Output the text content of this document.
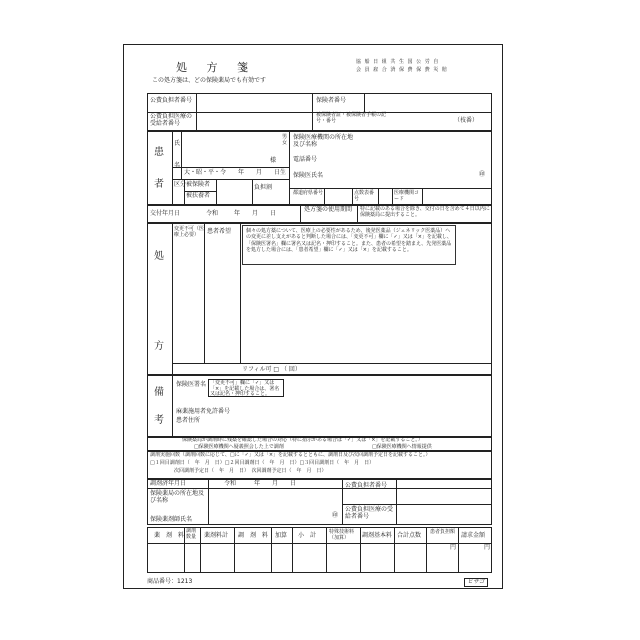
処 方 箋
この処方箋は、どの保険薬局でも有効です
協 船 日 組 共 生 国 公 労 自
会 員 雇 合 済 保 費 保 費 災 賠
公費負担者番号
公費負担医療の受給者番号
保険者番号
被保険者証・被保険者手帳の記号・番号	（枝番）
患
者
氏
名
男・女
様
大・昭・平・令 年 月 日生
区分 被保険者
被扶養者
負担割
保険医療機関の所在地及び名称
電話番号
保険医氏名	㊞
都道府県番号	点数表番号
医療機関コード
交付年月日	令和	年　　月　　日
処方箋の使用期間	特に記載のある場合を除き、交付の日を含めて４日以内に保険薬局に提出すること。
処
方
変更不可（医療上必要）	患者希望	個々の処方薬について、医療上の必要性があるため、後発医薬品（ジェネリック医薬品）への変更に差し支えがあると判断した場合には、「変更不可」欄に「✓」又は「×」を記載し、「保険医署名」欄に署名又は記名・押印すること。また、患者の希望を踏まえ、先発医薬品を処方した場合には、「患者希望」欄に「✓」又は「×」を記載すること。
リフィル可 □ （ 回）
備
考
保険医署名 「変更不可」欄に「✓」又は「×」を記載した場合は、署名又は記名・押印すること。
麻薬施用者免許番号
患者住所
保険薬局が調剤時に残薬を確認した場合の対応（特に指示がある場合は「✓」又は「×」を記載すること。）
□保険医療機関へ疑義照会した上で調剤	□保険医療機関へ情報提供
調剤実施回数（調剤回数に応じて、□に「✓」又は「×」を記載するとともに、調剤日及び次回調剤予定日を記載すること。）
□１回目調剤日（　年　月　日）□２回目調剤日（　年　月　日）□３回目調剤日（　年　月　日）
次回調剤予定日（　年　月　日）　次回調剤予定日（　年　月　日）
調剤済年月日	令和　　　年　　月　　日
保険薬局の所在地及び名称
保険薬剤師氏名
㊞
公費負担者番号
公費負担医療の受給者番号
薬　剤　料
調剤数量	薬剤料計 調　剤　料 加算 小　計	特殊技術料（加算）	調剤基本料 合計点数 患者負担額 請求金額
円	円
商品番号：1213	ヒサゴ
